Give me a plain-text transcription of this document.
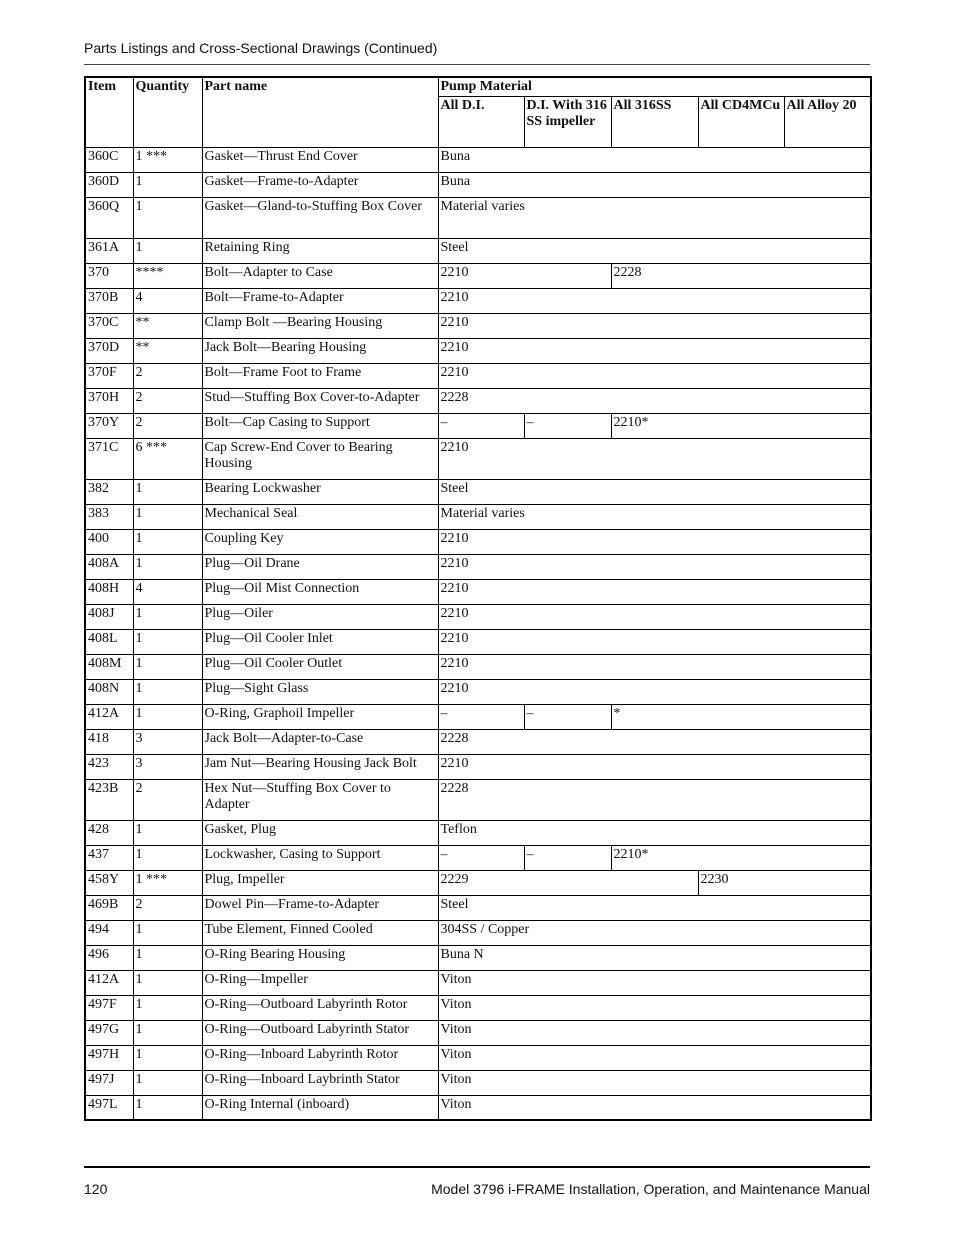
Parts Listings and Cross-Sectional Drawings (Continued)
Item	Quantity	Part name	Pump Material				
			All D.I.	D.I. With 316 SS impeller	All 316SS	All CD4MCu	All Alloy 20
360C	1 ***	Gasket—Thrust End Cover	Buna				
360D	1	Gasket—Frame-to-Adapter	Buna				
360Q	1	Gasket—Gland-to-Stuffing Box Cover	Material varies				
361A	1	Retaining Ring	Steel				
370	****	Bolt—Adapter to Case	2210		2228		
370B	4	Bolt—Frame-to-Adapter	2210				
370C	**	Clamp Bolt —Bearing Housing	2210				
370D	**	Jack Bolt—Bearing Housing	2210				
370F	2	Bolt—Frame Foot to Frame	2210				
370H	2	Stud—Stuffing Box Cover-to-Adapter	2228				
370Y	2	Bolt—Cap Casing to Support	–	–	2210*		
371C	6 ***	Cap Screw-End Cover to Bearing Housing	2210				
382	1	Bearing Lockwasher	Steel				
383	1	Mechanical Seal	Material varies				
400	1	Coupling Key	2210				
408A	1	Plug—Oil Drane	2210				
408H	4	Plug—Oil Mist Connection	2210				
408J	1	Plug—Oiler	2210				
408L	1	Plug—Oil Cooler Inlet	2210				
408M	1	Plug—Oil Cooler Outlet	2210				
408N	1	Plug—Sight Glass	2210				
412A	1	O-Ring, Graphoil Impeller	–	–	*		
418	3	Jack Bolt—Adapter-to-Case	2228				
423	3	Jam Nut—Bearing Housing Jack Bolt	2210				
423B	2	Hex Nut—Stuffing Box Cover to Adapter	2228				
428	1	Gasket, Plug	Teflon				
437	1	Lockwasher, Casing to Support	–	–	2210*		
458Y	1 ***	Plug, Impeller	2229			2230	
469B	2	Dowel Pin—Frame-to-Adapter	Steel				
494	1	Tube Element, Finned Cooled	304SS / Copper				
496	1	O-Ring Bearing Housing	Buna N				
412A	1	O-Ring—Impeller	Viton				
497F	1	O-Ring—Outboard Labyrinth Rotor	Viton				
497G	1	O-Ring—Outboard Labyrinth Stator	Viton				
497H	1	O-Ring—Inboard Labyrinth Rotor	Viton				
497J	1	O-Ring—Inboard Laybrinth Stator	Viton				
497L	1	O-Ring Internal (inboard)	Viton				
120	Model 3796 i-FRAME Installation, Operation, and Maintenance Manual
